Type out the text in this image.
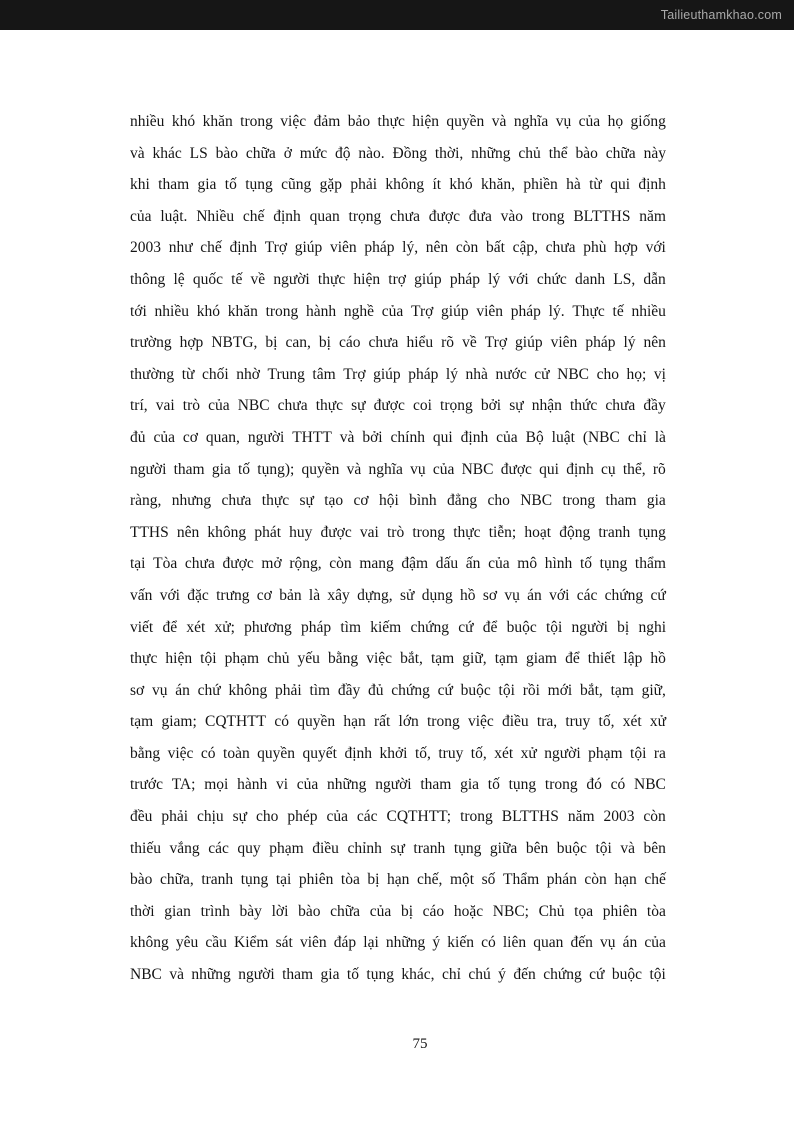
Tailieuthamkhao.com
nhiều khó khăn trong việc đảm bảo thực hiện quyền và nghĩa vụ của họ giống
và khác LS bào chữa ở mức độ nào. Đồng thời, những chủ thể bào chữa này
khi tham gia tố tụng cũng gặp phải không ít khó khăn, phiền hà từ qui định
của luật. Nhiều chế định quan trọng chưa được đưa vào trong BLTTHS năm
2003 như chế định Trợ giúp viên pháp lý, nên còn bất cập, chưa phù hợp với
thông lệ quốc tế về người thực hiện trợ giúp pháp lý với chức danh LS, dẫn
tới nhiều khó khăn trong hành nghề của Trợ giúp viên pháp lý. Thực tế nhiều
trường hợp NBTG, bị can, bị cáo chưa hiểu rõ về Trợ giúp viên pháp lý nên
thường từ chối nhờ Trung tâm Trợ giúp pháp lý nhà nước cử NBC cho họ; vị
trí, vai trò của NBC chưa thực sự được coi trọng bởi sự nhận thức chưa đầy
đủ của cơ quan, người THTT và bởi chính qui định của Bộ luật (NBC chỉ là
người tham gia tố tụng); quyền và nghĩa vụ của NBC được qui định cụ thể, rõ
ràng, nhưng chưa thực sự tạo cơ hội bình đẳng cho NBC trong tham gia
TTHS nên không phát huy được vai trò trong thực tiễn; hoạt động tranh tụng
tại Tòa chưa được mở rộng, còn mang đậm dấu ấn của mô hình tố tụng thẩm
vấn với đặc trưng cơ bản là xây dựng, sử dụng hồ sơ vụ án với các chứng cứ
viết để xét xử; phương pháp tìm kiếm chứng cứ để buộc tội người bị nghi
thực hiện tội phạm chủ yếu bằng việc bắt, tạm giữ, tạm giam để thiết lập hồ
sơ vụ án chứ không phải tìm đầy đủ chứng cứ buộc tội rồi mới bắt, tạm giữ,
tạm giam; CQTHTT có quyền hạn rất lớn trong việc điều tra, truy tố, xét xử
bằng việc có toàn quyền quyết định khởi tố, truy tố, xét xử người phạm tội ra
trước TA; mọi hành vi của những người tham gia tố tụng trong đó có NBC
đều phải chịu sự cho phép của các CQTHTT; trong BLTTHS năm 2003 còn
thiếu vắng các quy phạm điều chỉnh sự tranh tụng giữa bên buộc tội và bên
bào chữa, tranh tụng tại phiên tòa bị hạn chế, một số Thẩm phán còn hạn chế
thời gian trình bày lời bào chữa của bị cáo hoặc NBC; Chủ tọa phiên tòa
không yêu cầu Kiểm sát viên đáp lại những ý kiến có liên quan đến vụ án của
NBC và những người tham gia tố tụng khác, chỉ chú ý đến chứng cứ buộc tội
75
